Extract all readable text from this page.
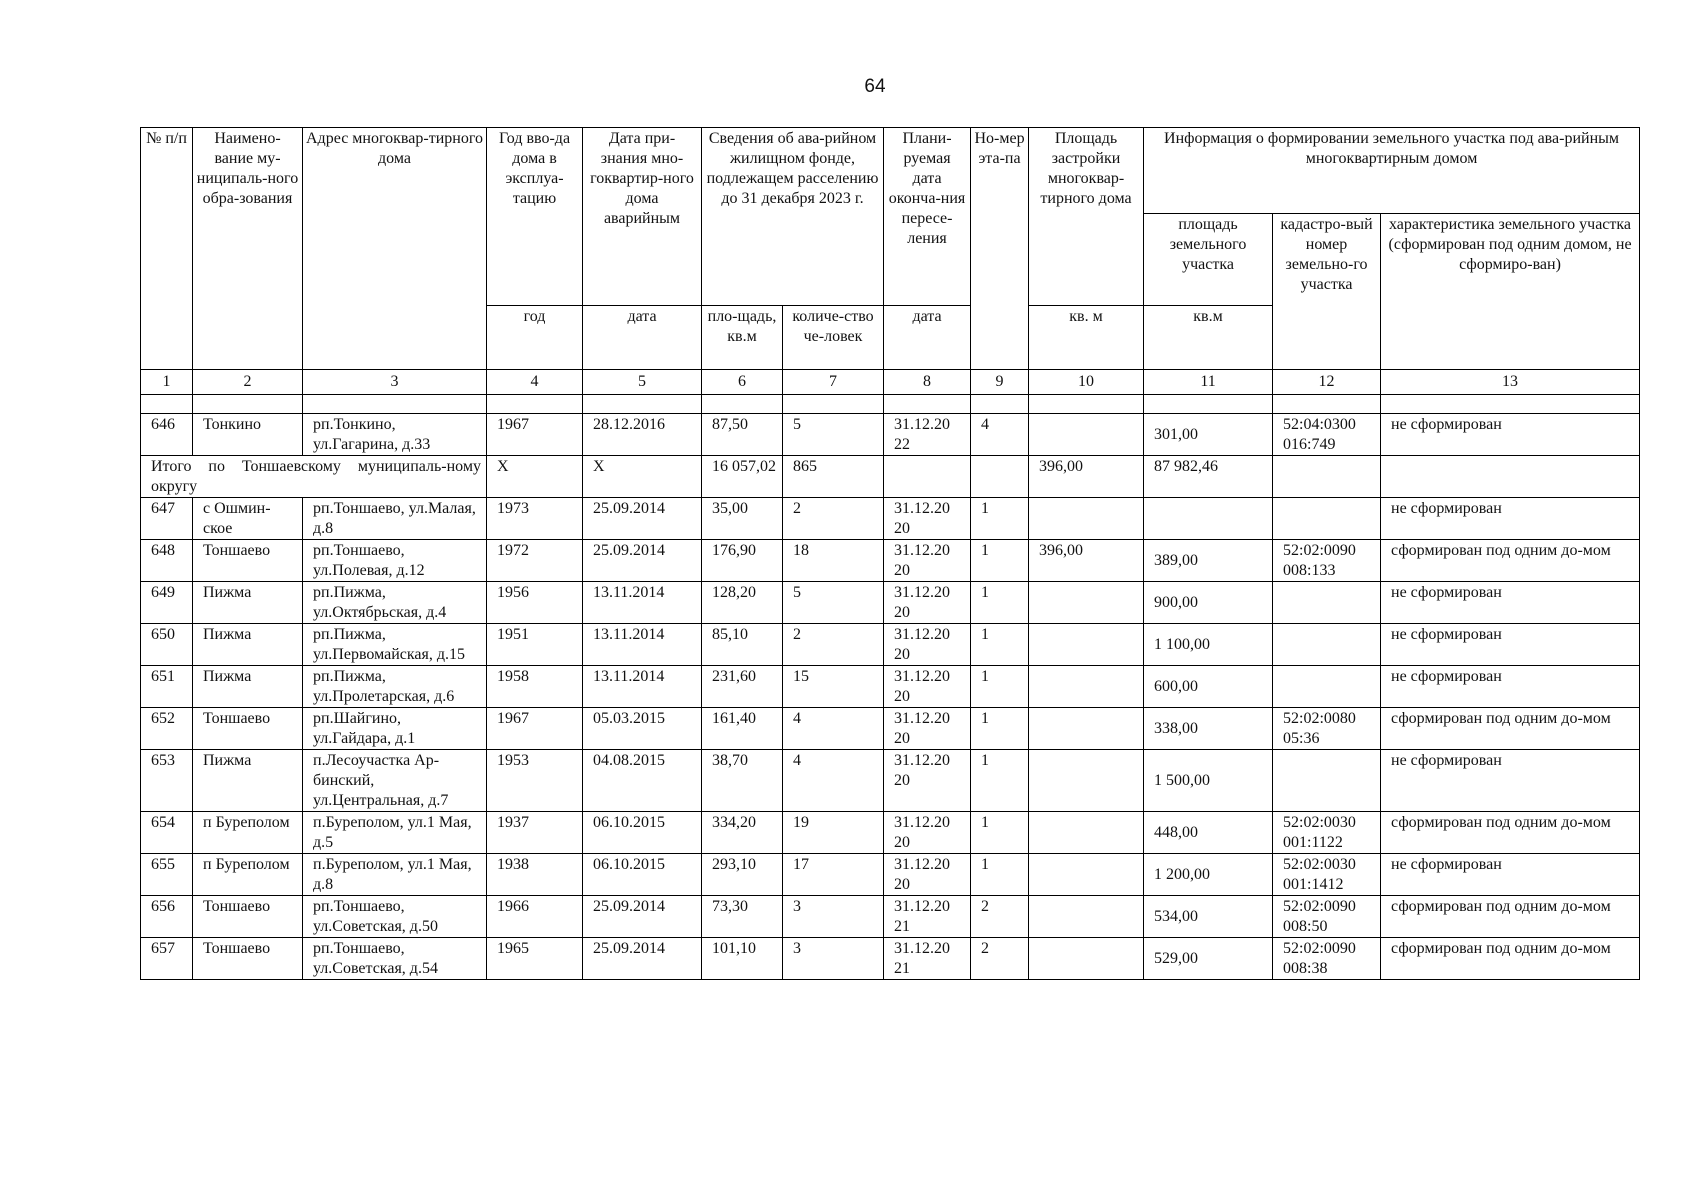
64
№ п/п	Наимено-вание му-ниципаль-ного обра-зования	Адрес многоквар-тирного дома	Год вво-да дома в эксплуа-тацию	Дата при-знания мно-гоквартир-ного дома аварийным	Сведения об ава-рийном жилищном фонде, подлежащем расселению до 31 декабря 2023 г.		Плани-руемая дата оконча-ния пересе-ления	Но-мер эта-па	Площадь застройки многоквар-тирного дома	Информация о формировании земельного участка под ава-рийным многоквартирным домом		
										площадь земельного участка	кадастро-вый номер земельно-го участка	характеристика земельного участка (сформирован под одним домом, не сформиро-ван)
			год	дата	пло-щадь, кв.м	количе-ство че-ловек	дата		кв. м	кв.м		
1	2	3	4	5	6	7	8	9	10	11	12	13

646	Тонкино	рп.Тонкино, ул.Гагарина, д.33	1967	28.12.2016	87,50	5	31.12.20 22	4		301,00	52:04:0300 016:749	не сформирован
Итого по Тоншаевскому муниципаль-ному округу			Х	Х	16 057,02	865			396,00	87 982,46		
647	с Ошмин-ское	рп.Тоншаево, ул.Малая, д.8	1973	25.09.2014	35,00	2	31.12.20 20	1				не сформирован
648	Тоншаево	рп.Тоншаево, ул.Полевая, д.12	1972	25.09.2014	176,90	18	31.12.20 20	1	396,00	389,00	52:02:0090 008:133	сформирован под одним до-мом
649	Пижма	рп.Пижма, ул.Октябрьская, д.4	1956	13.11.2014	128,20	5	31.12.20 20	1		900,00		не сформирован
650	Пижма	рп.Пижма, ул.Первомайская, д.15	1951	13.11.2014	85,10	2	31.12.20 20	1		1 100,00		не сформирован
651	Пижма	рп.Пижма, ул.Пролетарская, д.6	1958	13.11.2014	231,60	15	31.12.20 20	1		600,00		не сформирован
652	Тоншаево	рп.Шайгино, ул.Гайдара, д.1	1967	05.03.2015	161,40	4	31.12.20 20	1		338,00	52:02:0080 05:36	сформирован под одним до-мом
653	Пижма	п.Лесоучастка Ар-бинский, ул.Центральная, д.7	1953	04.08.2015	38,70	4	31.12.20 20	1		1 500,00		не сформирован
654	п Буреполом	п.Буреполом, ул.1 Мая, д.5	1937	06.10.2015	334,20	19	31.12.20 20	1		448,00	52:02:0030 001:1122	сформирован под одним до-мом
655	п Буреполом	п.Буреполом, ул.1 Мая, д.8	1938	06.10.2015	293,10	17	31.12.20 20	1		1 200,00	52:02:0030 001:1412	не сформирован
656	Тоншаево	рп.Тоншаево, ул.Советская, д.50	1966	25.09.2014	73,30	3	31.12.20 21	2		534,00	52:02:0090 008:50	сформирован под одним до-мом
657	Тоншаево	рп.Тоншаево, ул.Советская, д.54	1965	25.09.2014	101,10	3	31.12.20 21	2		529,00	52:02:0090 008:38	сформирован под одним до-мом
